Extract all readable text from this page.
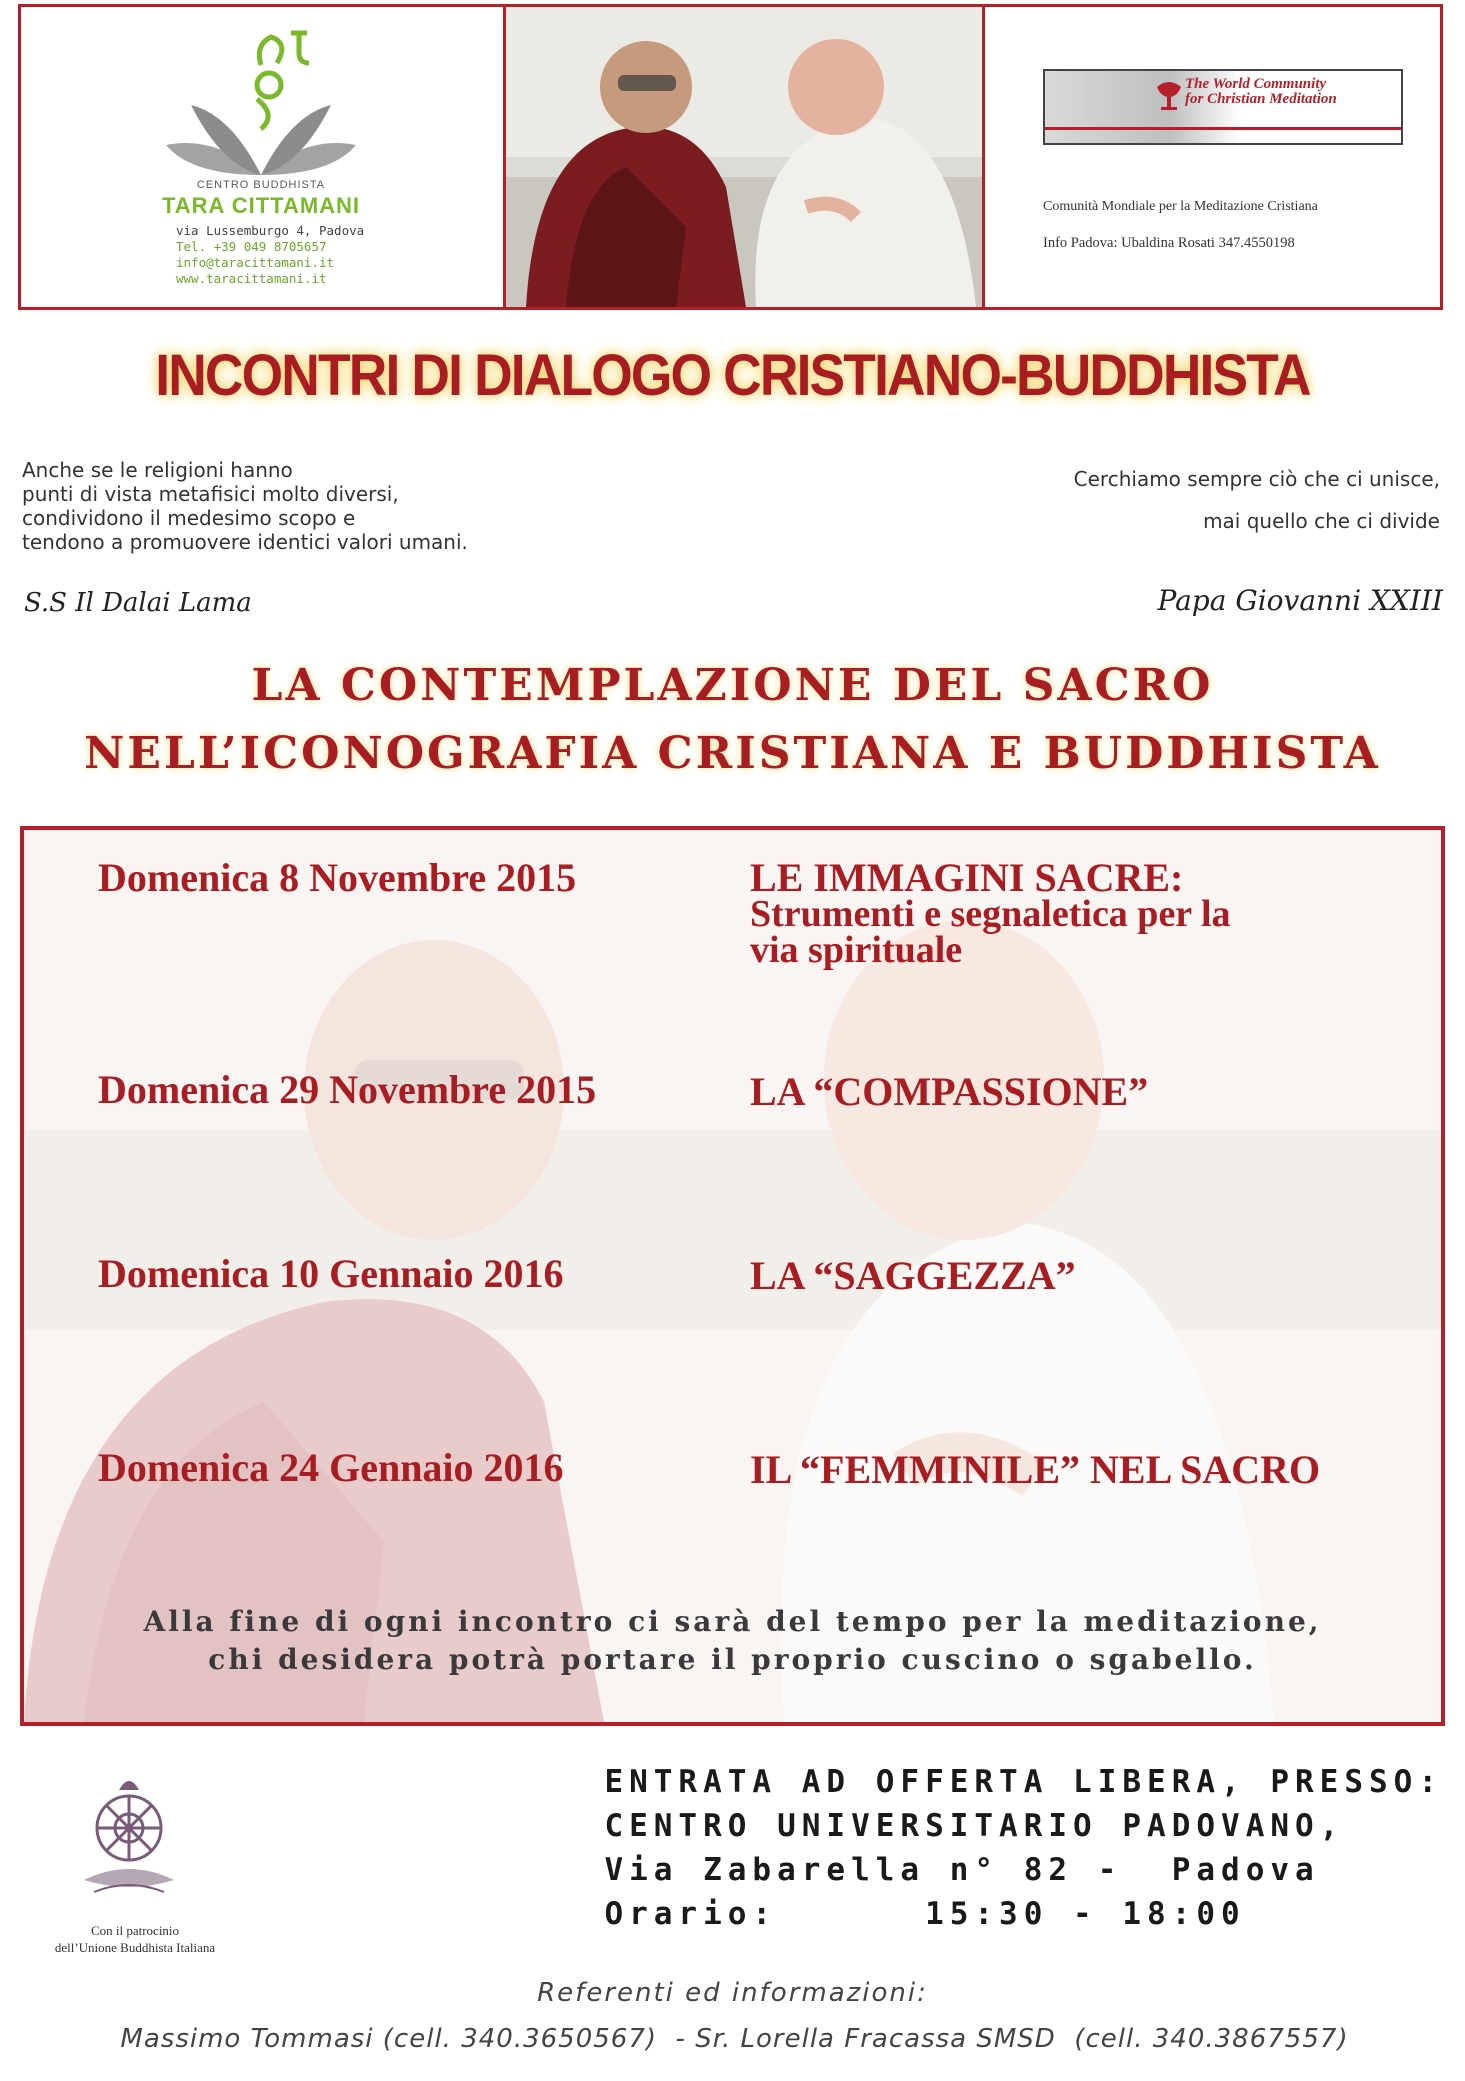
CENTRO BUDDHISTA
TARA CITTAMANI
via Lussemburgo 4, Padova
Tel. +39 049 8705657
info@taracittamani.it
www.taracittamani.it
The World Community
for Christian Meditation
Comunità Mondiale per la Meditazione Cristiana
Info Padova: Ubaldina Rosati 347.4550198
INCONTRI DI DIALOGO CRISTIANO-BUDDHISTA
Anche se le religioni hanno
punti di vista metafisici molto diversi,
condividono il medesimo scopo e
tendono a promuovere identici valori umani.
Cerchiamo sempre ciò che ci unisce,
mai quello che ci divide
S.S Il Dalai Lama	Papa Giovanni XXIII
LA CONTEMPLAZIONE DEL SACRO
NELL’ICONOGRAFIA CRISTIANA E BUDDHISTA
Domenica 8 Novembre 2015	LE IMMAGINI SACRE:
Strumenti e segnaletica per la
via spirituale
Domenica 29 Novembre 2015	LA “COMPASSIONE”
Domenica 10 Gennaio 2016	LA “SAGGEZZA”
Domenica 24 Gennaio 2016	IL “FEMMINILE” NEL SACRO
Alla fine di ogni incontro ci sarà del tempo per la meditazione,
chi desidera potrà portare il proprio cuscino o sgabello.
Con il patrocinio
dell’Unione Buddhista Italiana
ENTRATA AD OFFERTA LIBERA, PRESSO:
CENTRO UNIVERSITARIO PADOVANO,
Via Zabarella n° 82 -  Padova
Orario:      15:30 - 18:00
Referenti ed informazioni:
Massimo Tommasi (cell. 340.3650567)  - Sr. Lorella Fracassa SMSD  (cell. 340.3867557)
